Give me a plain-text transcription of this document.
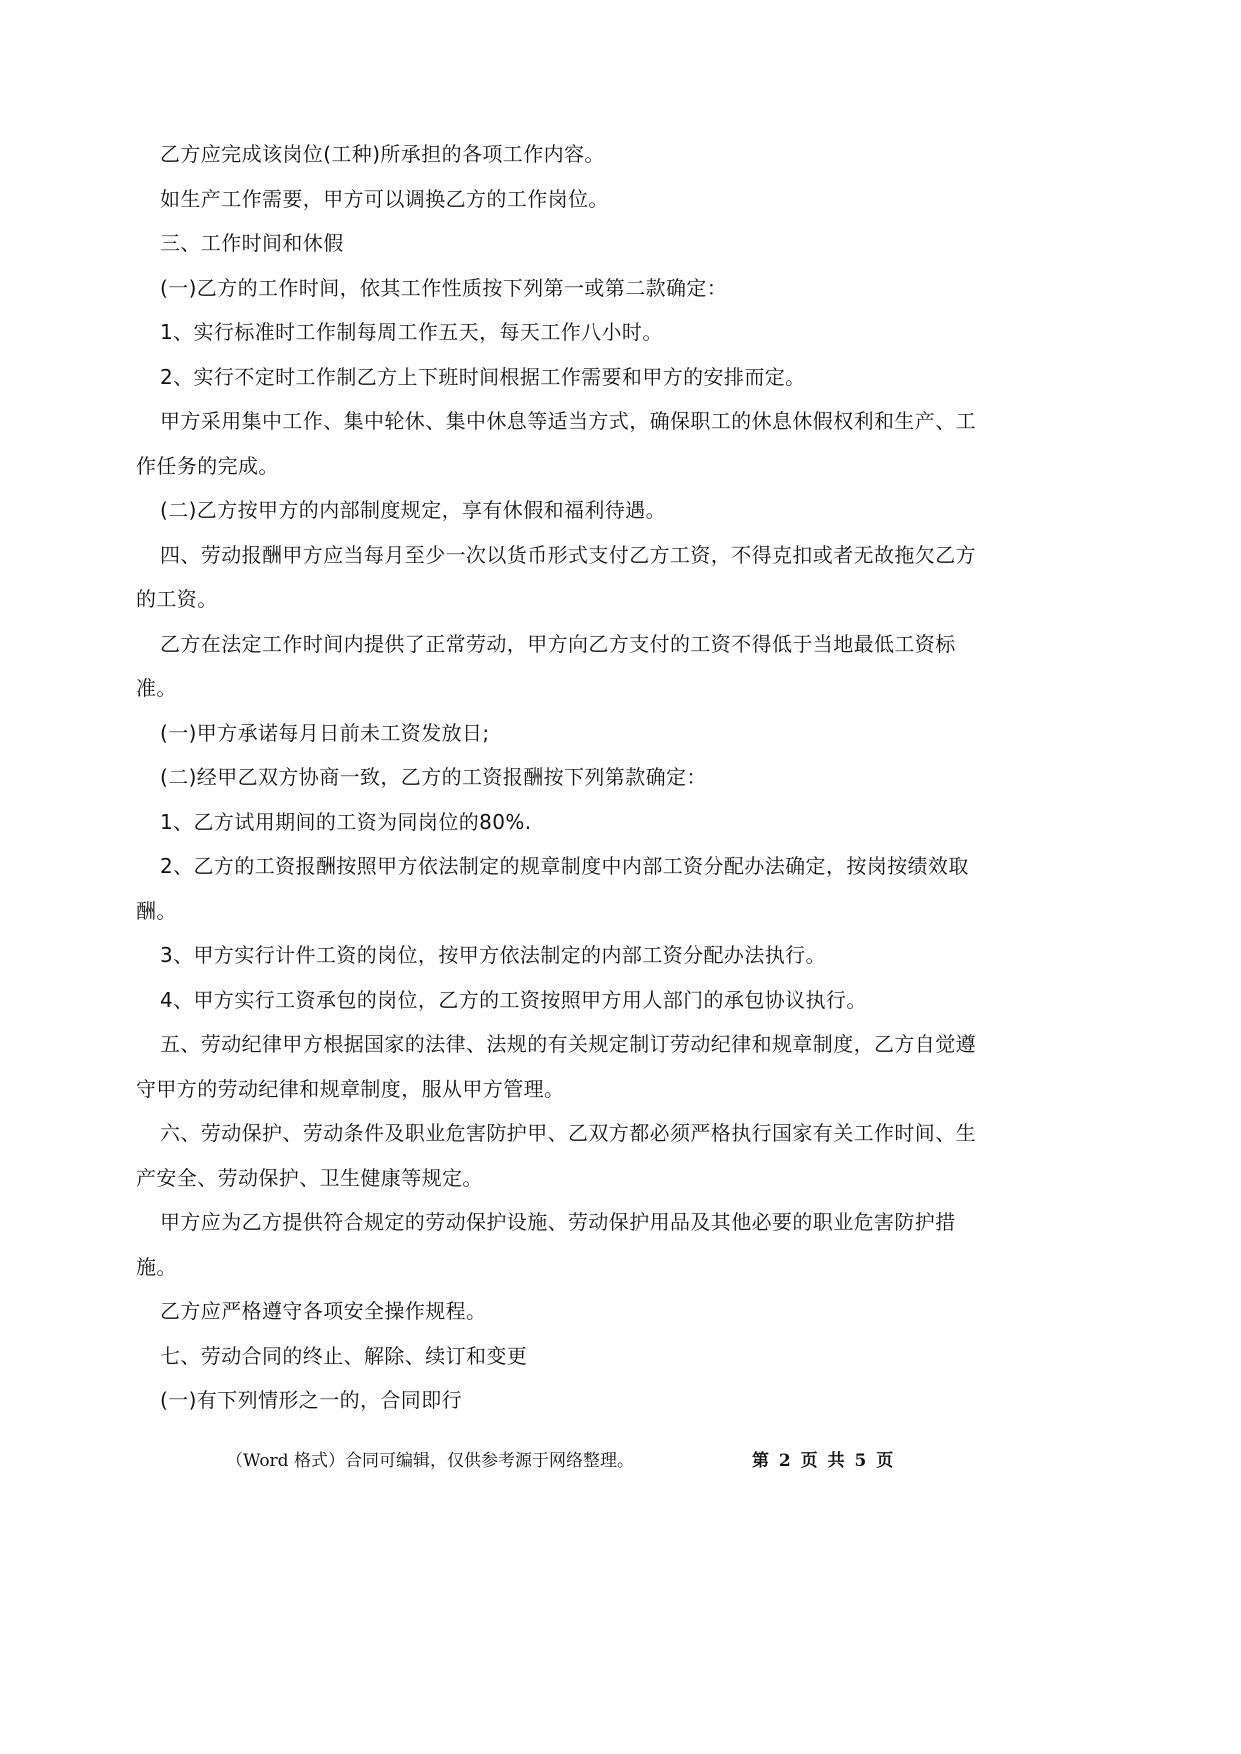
乙方应完成该岗位(工种)所承担的各项工作内容。

如生产工作需要，甲方可以调换乙方的工作岗位。

三、工作时间和休假

(一)乙方的工作时间，依其工作性质按下列第一或第二款确定：

1、实行标准时工作制每周工作五天，每天工作八小时。

2、实行不定时工作制乙方上下班时间根据工作需要和甲方的安排而定。

甲方采用集中工作、集中轮休、集中休息等适当方式，确保职工的休息休假权利和生产、工作任务的完成。

(二)乙方按甲方的内部制度规定，享有休假和福利待遇。

四、劳动报酬甲方应当每月至少一次以货币形式支付乙方工资，不得克扣或者无故拖欠乙方的工资。

乙方在法定工作时间内提供了正常劳动，甲方向乙方支付的工资不得低于当地最低工资标准。

(一)甲方承诺每月日前未工资发放日;

(二)经甲乙双方协商一致，乙方的工资报酬按下列第款确定：

1、乙方试用期间的工资为同岗位的80%.

2、乙方的工资报酬按照甲方依法制定的规章制度中内部工资分配办法确定，按岗按绩效取酬。

3、甲方实行计件工资的岗位，按甲方依法制定的内部工资分配办法执行。

4、甲方实行工资承包的岗位，乙方的工资按照甲方用人部门的承包协议执行。

五、劳动纪律甲方根据国家的法律、法规的有关规定制订劳动纪律和规章制度，乙方自觉遵守甲方的劳动纪律和规章制度，服从甲方管理。

六、劳动保护、劳动条件及职业危害防护甲、乙双方都必须严格执行国家有关工作时间、生产安全、劳动保护、卫生健康等规定。

甲方应为乙方提供符合规定的劳动保护设施、劳动保护用品及其他必要的职业危害防护措施。

乙方应严格遵守各项安全操作规程。

七、劳动合同的终止、解除、续订和变更

(一)有下列情形之一的，合同即行

（Word 格式）合同可编辑，仅供参考源于网络整理。	第 2 页 共 5 页
